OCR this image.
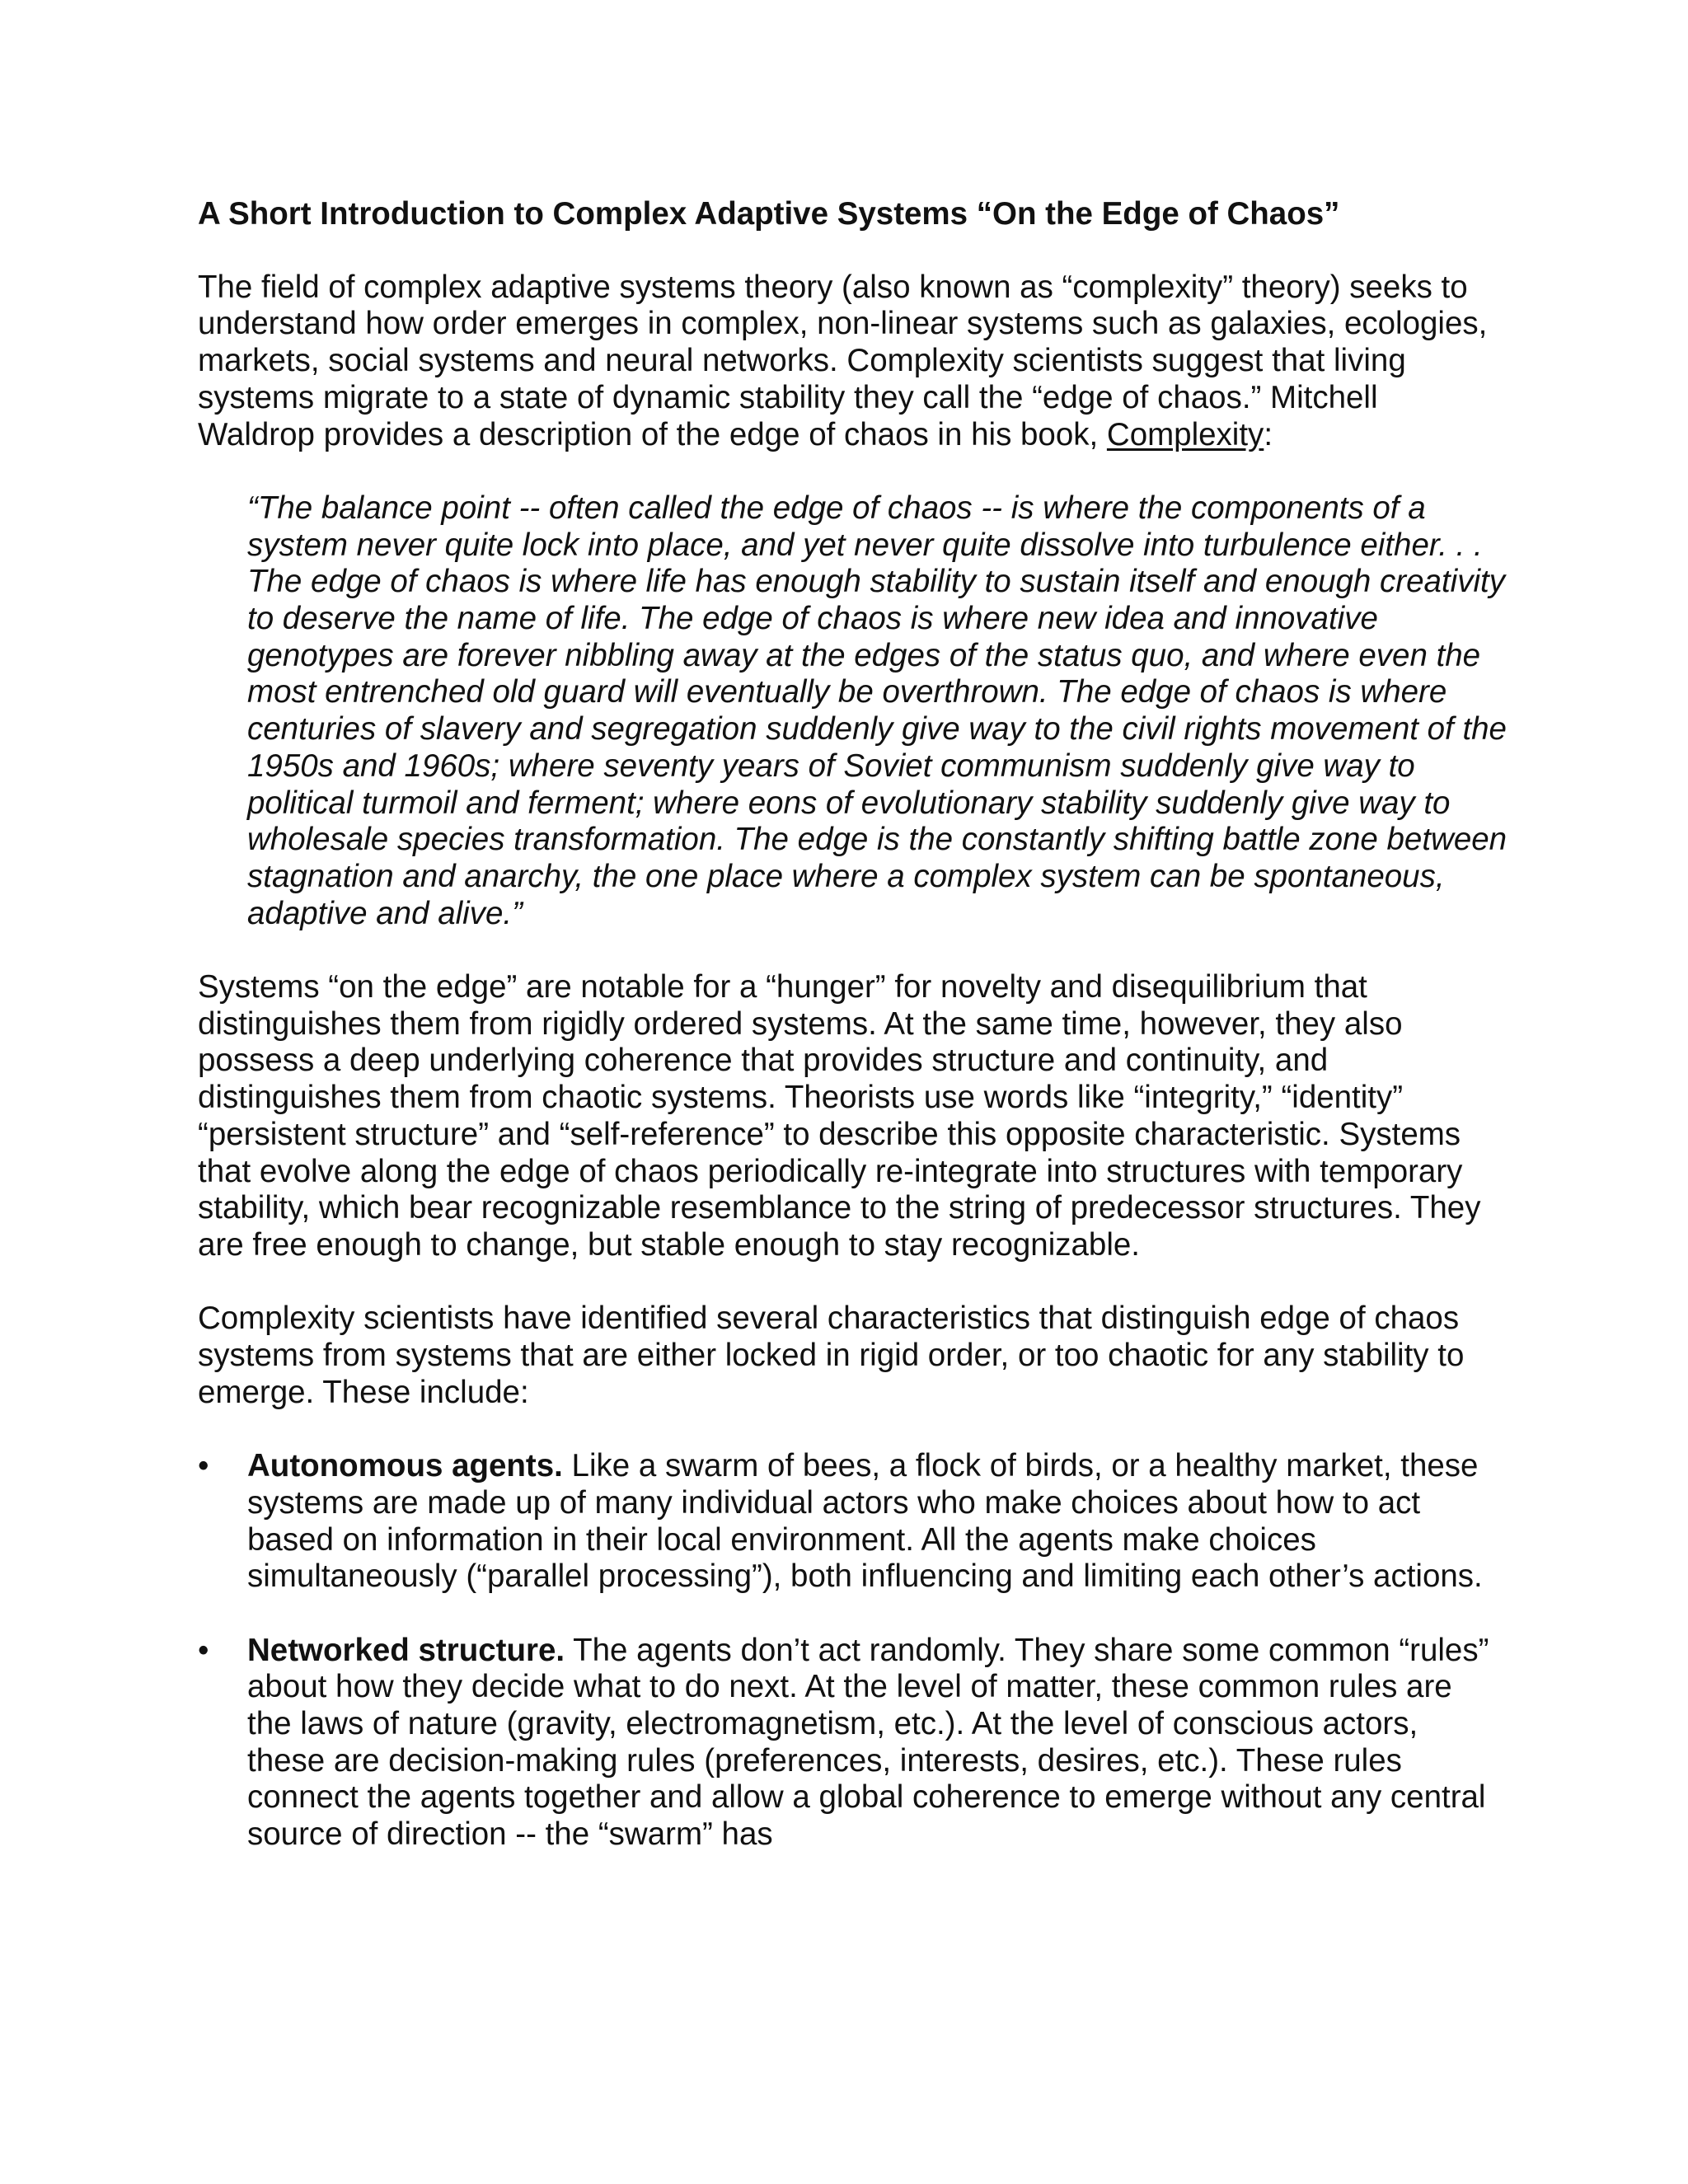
A Short Introduction to Complex Adaptive Systems “On the Edge of Chaos”

The field of complex adaptive systems theory (also known as “complexity” theory) seeks to understand how order emerges in complex, non-linear systems such as galaxies, ecologies, markets, social systems and neural networks. Complexity scientists suggest that living systems migrate to a state of dynamic stability they call the “edge of chaos.” Mitchell Waldrop provides a description of the edge of chaos in his book, Complexity:

“The balance point -- often called the edge of chaos -- is where the components of a system never quite lock into place, and yet never quite dissolve into turbulence either. . . The edge of chaos is where life has enough stability to sustain itself and enough creativity to deserve the name of life. The edge of chaos is where new idea and innovative genotypes are forever nibbling away at the edges of the status quo, and where even the most entrenched old guard will eventually be overthrown. The edge of chaos is where centuries of slavery and segregation suddenly give way to the civil rights movement of the 1950s and 1960s; where seventy years of Soviet communism suddenly give way to political turmoil and ferment; where eons of evolutionary stability suddenly give way to wholesale species transformation. The edge is the constantly shifting battle zone between stagnation and anarchy, the one place where a complex system can be spontaneous, adaptive and alive.”

Systems “on the edge” are notable for a “hunger” for novelty and disequilibrium that distinguishes them from rigidly ordered systems. At the same time, however, they also possess a deep underlying coherence that provides structure and continuity, and distinguishes them from chaotic systems. Theorists use words like “integrity,” “identity” “persistent structure” and “self-reference” to describe this opposite characteristic. Systems that evolve along the edge of chaos periodically re-integrate into structures with temporary stability, which bear recognizable resemblance to the string of predecessor structures. They are free enough to change, but stable enough to stay recognizable.

Complexity scientists have identified several characteristics that distinguish edge of chaos systems from systems that are either locked in rigid order, or too chaotic for any stability to emerge. These include:

• Autonomous agents. Like a swarm of bees, a flock of birds, or a healthy market, these systems are made up of many individual actors who make choices about how to act based on information in their local environment. All the agents make choices simultaneously (“parallel processing”), both influencing and limiting each other’s actions.
• Networked structure. The agents don’t act randomly. They share some common “rules” about how they decide what to do next. At the level of matter, these common rules are the laws of nature (gravity, electromagnetism, etc.). At the level of conscious actors, these are decision-making rules (preferences, interests, desires, etc.). These rules connect the agents together and allow a global coherence to emerge without any central source of direction -- the “swarm” has
